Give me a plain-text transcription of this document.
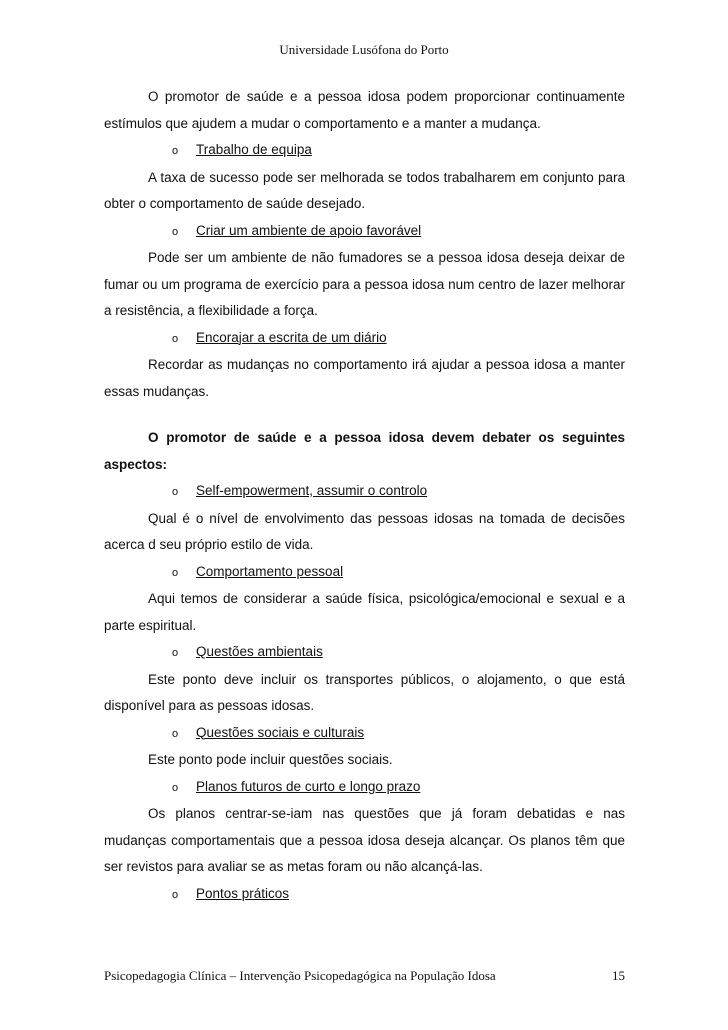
Universidade Lusófona do Porto

O promotor de saúde e a pessoa idosa podem proporcionar continuamente estímulos que ajudem a mudar o comportamento e a manter a mudança.

o	Trabalho de equipa

A taxa de sucesso pode ser melhorada se todos trabalharem em conjunto para obter o comportamento de saúde desejado.

o	Criar um ambiente de apoio favorável

Pode ser um ambiente de não fumadores se a pessoa idosa deseja deixar de fumar ou um programa de exercício para a pessoa idosa num centro de lazer melhorar a resistência, a flexibilidade a força.

o	Encorajar a escrita de um diário

Recordar as mudanças no comportamento irá ajudar a pessoa idosa a manter essas mudanças.

O promotor de saúde e a pessoa idosa devem debater os seguintes aspectos:

o	Self-empowerment, assumir o controlo

Qual é o nível de envolvimento das pessoas idosas na tomada de decisões acerca d seu próprio estilo de vida.

o	Comportamento pessoal

Aqui temos de considerar a saúde física, psicológica/emocional e sexual e a parte espiritual.

o	Questões ambientais

Este ponto deve incluir os transportes públicos, o alojamento, o que está disponível para as pessoas idosas.

o	Questões sociais e culturais

Este ponto pode incluir questões sociais.

o	Planos futuros de curto e longo prazo

Os planos centrar-se-iam nas questões que já foram debatidas e nas mudanças comportamentais que a pessoa idosa deseja alcançar. Os planos têm que ser revistos para avaliar se as metas foram ou não alcançá-las.

o	Pontos práticos
Psicopedagogia Clínica – Intervenção Psicopedagógica na População Idosa	15
